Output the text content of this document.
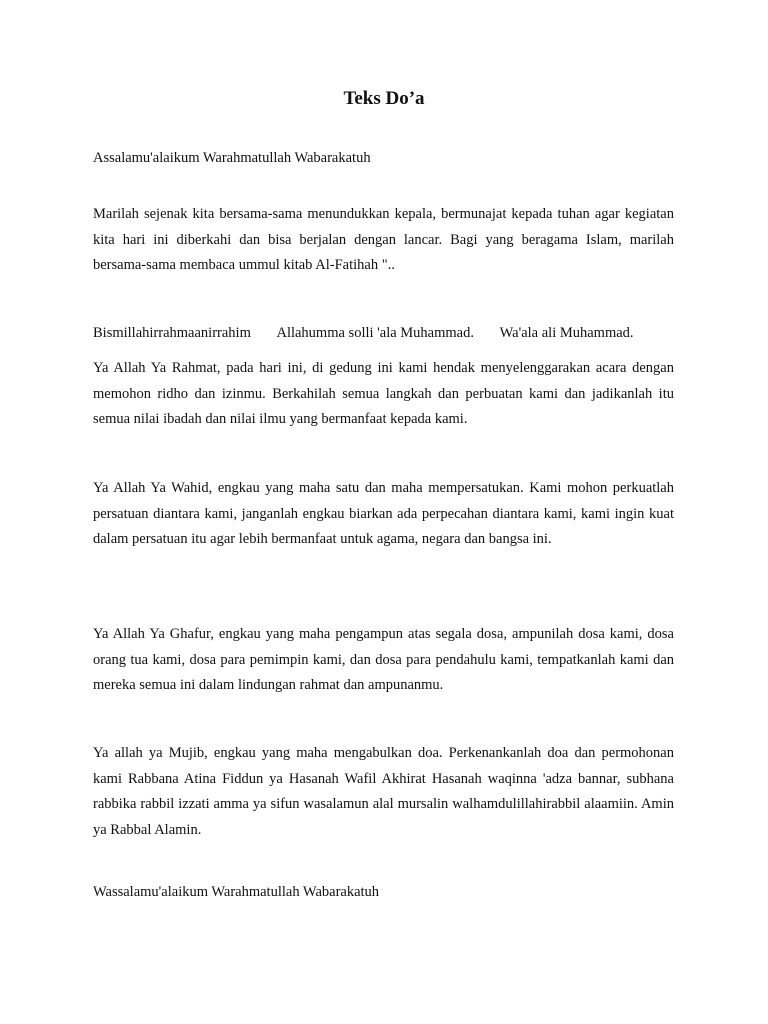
Teks Do’a

Assalamu'alaikum Warahmatullah Wabarakatuh

Marilah sejenak kita bersama-sama menundukkan kepala, bermunajat kepada tuhan agar kegiatan kita hari ini diberkahi dan bisa berjalan dengan lancar. Bagi yang beragama Islam, marilah bersama-sama membaca ummul kitab Al-Fatihah "..

Bismillahirrahmaanirrahim Allahumma solli 'ala Muhammad. Wa'ala ali Muhammad.

Ya Allah Ya Rahmat, pada hari ini, di gedung ini kami hendak menyelenggarakan acara dengan memohon ridho dan izinmu. Berkahilah semua langkah dan perbuatan kami dan jadikanlah itu semua nilai ibadah dan nilai ilmu yang bermanfaat kepada kami.

Ya Allah Ya Wahid, engkau yang maha satu dan maha mempersatukan. Kami mohon perkuatlah persatuan diantara kami, janganlah engkau biarkan ada perpecahan diantara kami, kami ingin kuat dalam persatuan itu agar lebih bermanfaat untuk agama, negara dan bangsa ini.

Ya Allah Ya Ghafur, engkau yang maha pengampun atas segala dosa, ampunilah dosa kami, dosa orang tua kami, dosa para pemimpin kami, dan dosa para pendahulu kami, tempatkanlah kami dan mereka semua ini dalam lindungan rahmat dan ampunanmu.

Ya allah ya Mujib, engkau yang maha mengabulkan doa. Perkenankanlah doa dan permohonan kami Rabbana Atina Fiddun ya Hasanah Wafil Akhirat Hasanah waqinna 'adza bannar, subhana rabbika rabbil izzati amma ya sifun wasalamun alal mursalin walhamdulillahirabbil alaamiin. Amin ya Rabbal Alamin.

Wassalamu'alaikum Warahmatullah Wabarakatuh
